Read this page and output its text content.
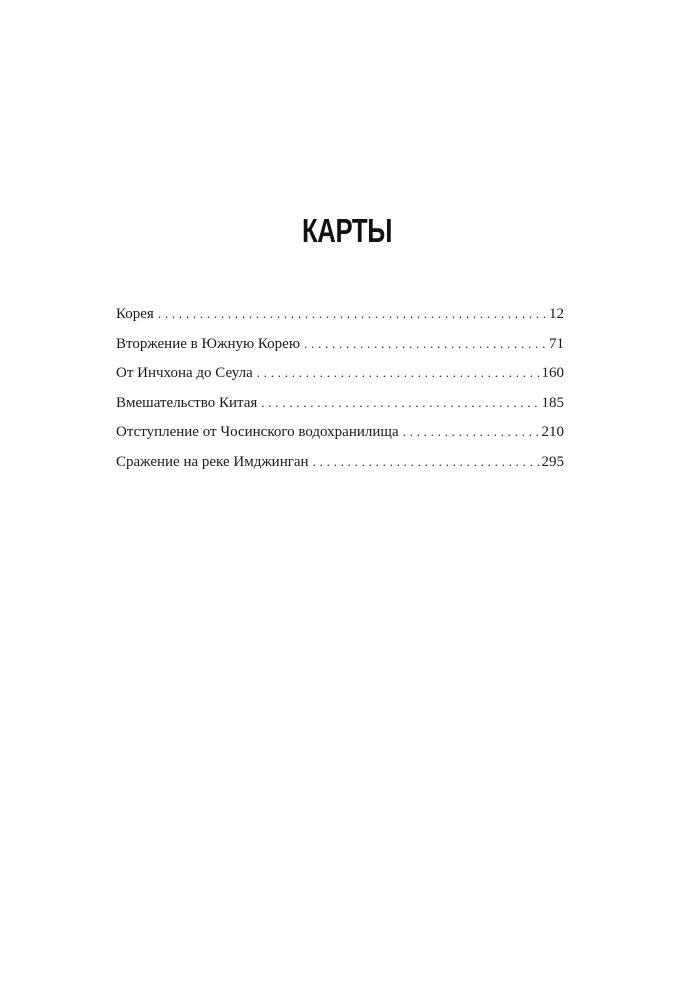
КАРТЫ
Корея . . .	12
Вторжение в Южную Корею . . .	71
От Инчхона до Сеула . . .	160
Вмешательство Китая . . .	185
Отступление от Чосинского водохранилища . . .	210
Сражение на реке Имджинган . . .	295
